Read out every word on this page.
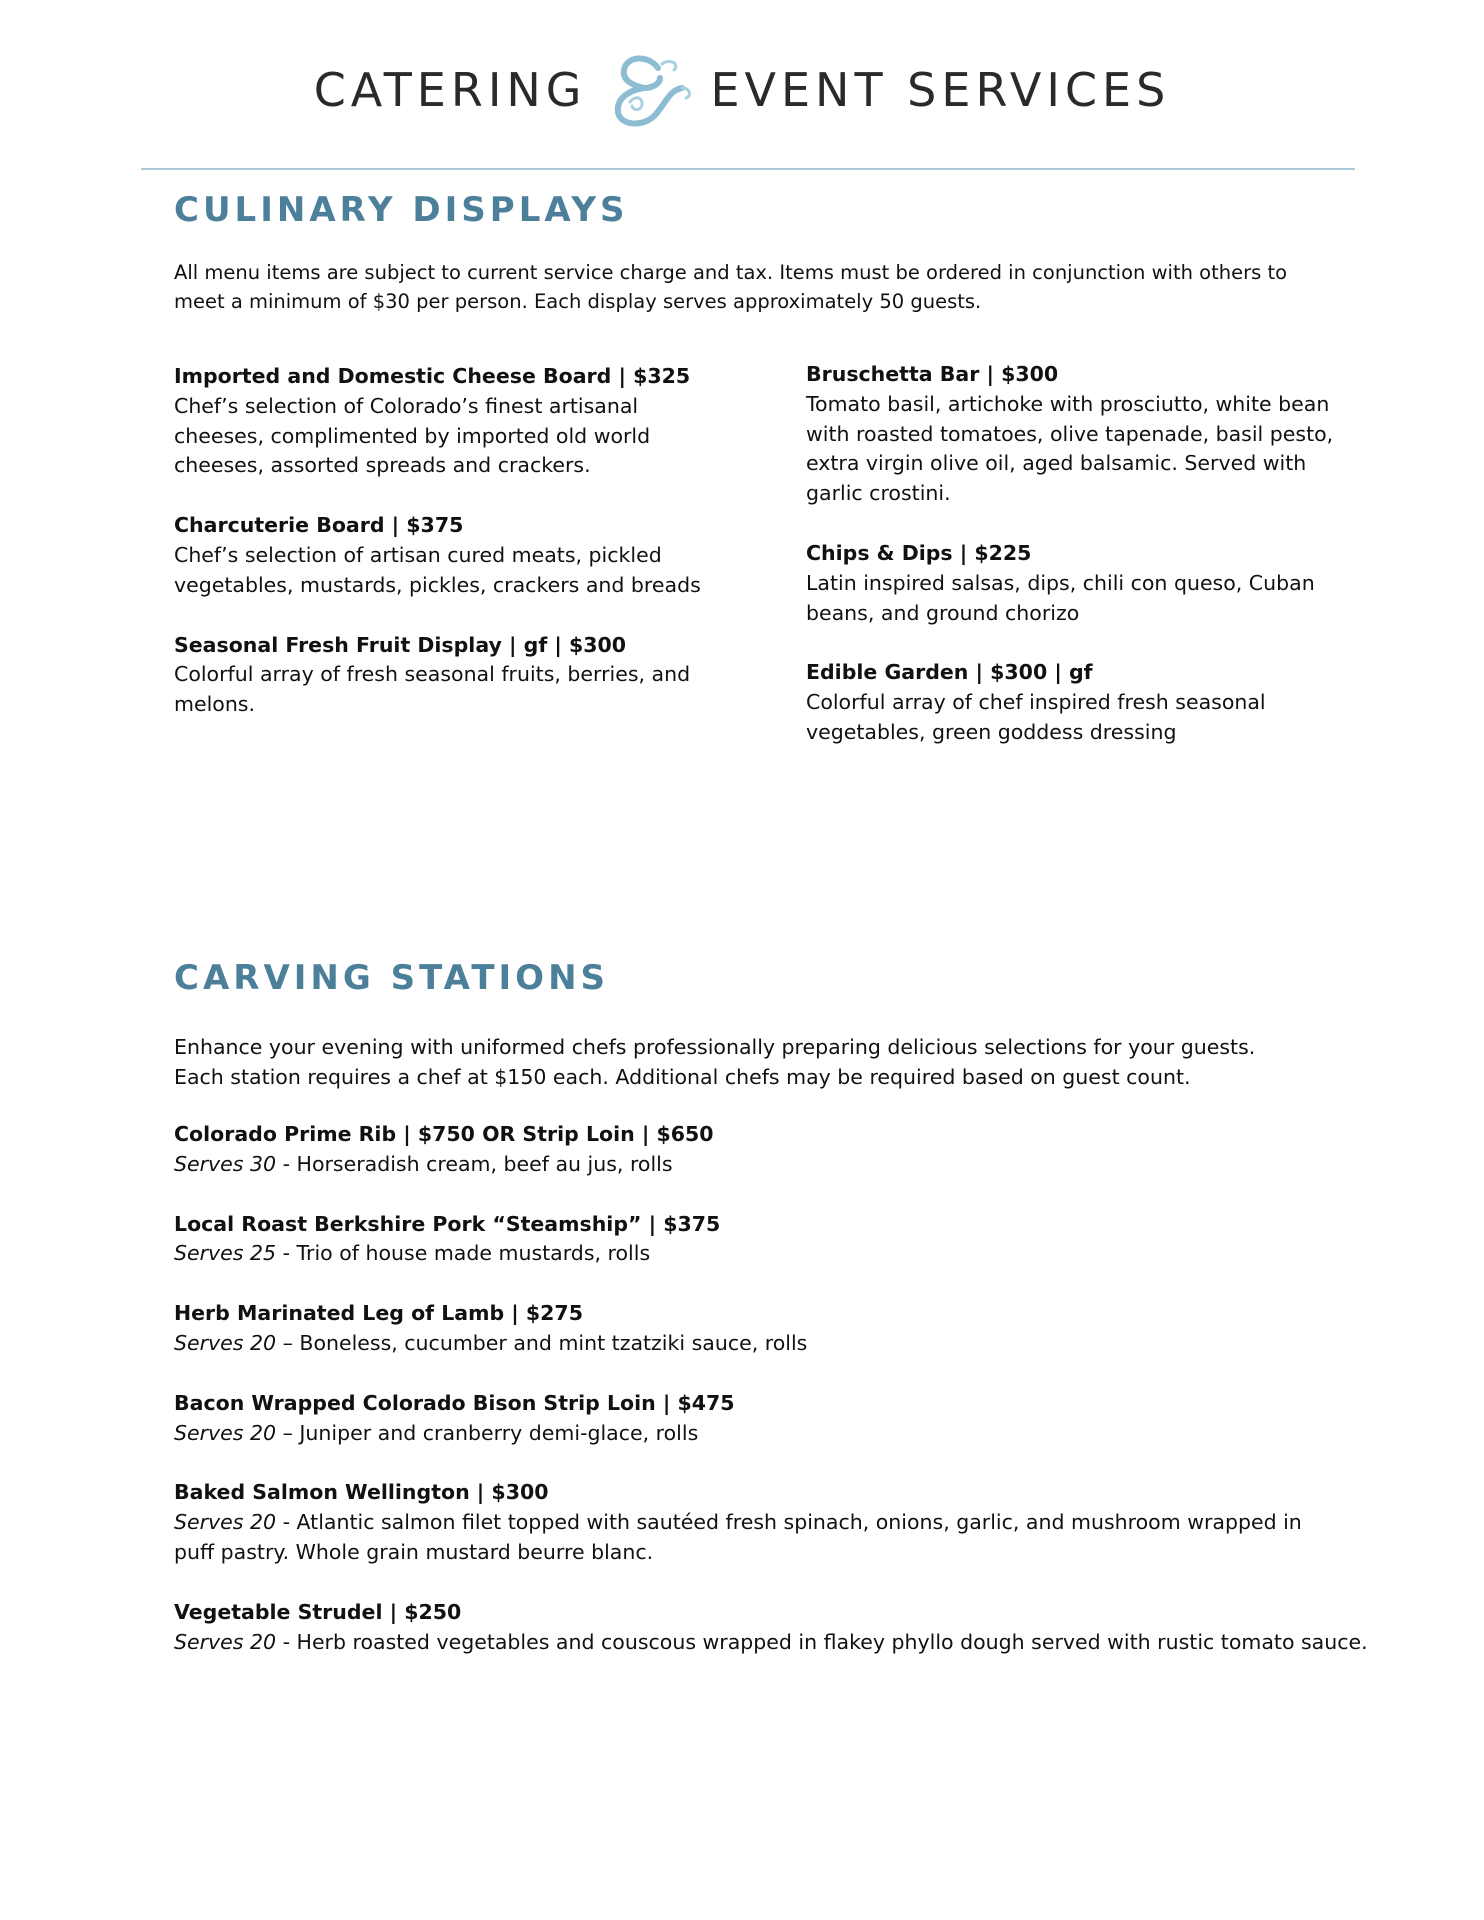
CATERING	EVENT SERVICES
CULINARY DISPLAYS

All menu items are subject to current service charge and tax. Items must be ordered in conjunction with others to
meet a minimum of $30 per person. Each display serves approximately 50 guests.

Imported and Domestic Cheese Board | $325
Chef’s selection of Colorado’s finest artisanal cheeses, complimented by imported old world cheeses, assorted spreads and crackers.
Charcuterie Board | $375
Chef’s selection of artisan cured meats, pickled vegetables, mustards, pickles, crackers and breads
Seasonal Fresh Fruit Display | gf | $300
Colorful array of fresh seasonal fruits, berries, and melons.
Bruschetta Bar | $300
Tomato basil, artichoke with prosciutto, white bean with roasted tomatoes, olive tapenade, basil pesto, extra virgin olive oil, aged balsamic. Served with garlic crostini.
Chips & Dips | $225
Latin inspired salsas, dips, chili con queso, Cuban beans, and ground chorizo
Edible Garden | $300 | gf
Colorful array of chef inspired fresh seasonal vegetables, green goddess dressing
CARVING STATIONS

Enhance your evening with uniformed chefs professionally preparing delicious selections for your guests.
Each station requires a chef at $150 each. Additional chefs may be required based on guest count.

Colorado Prime Rib | $750 OR Strip Loin | $650
Serves 30 - Horseradish cream, beef au jus, rolls
Local Roast Berkshire Pork “Steamship” | $375
Serves 25 - Trio of house made mustards, rolls
Herb Marinated Leg of Lamb | $275
Serves 20 – Boneless, cucumber and mint tzatziki sauce, rolls
Bacon Wrapped Colorado Bison Strip Loin | $475
Serves 20 – Juniper and cranberry demi-glace, rolls
Baked Salmon Wellington | $300
Serves 20 - Atlantic salmon filet topped with sautéed fresh spinach, onions, garlic, and mushroom wrapped in puff pastry. Whole grain mustard beurre blanc.
Vegetable Strudel | $250
Serves 20 - Herb roasted vegetables and couscous wrapped in flakey phyllo dough served with rustic tomato sauce.
